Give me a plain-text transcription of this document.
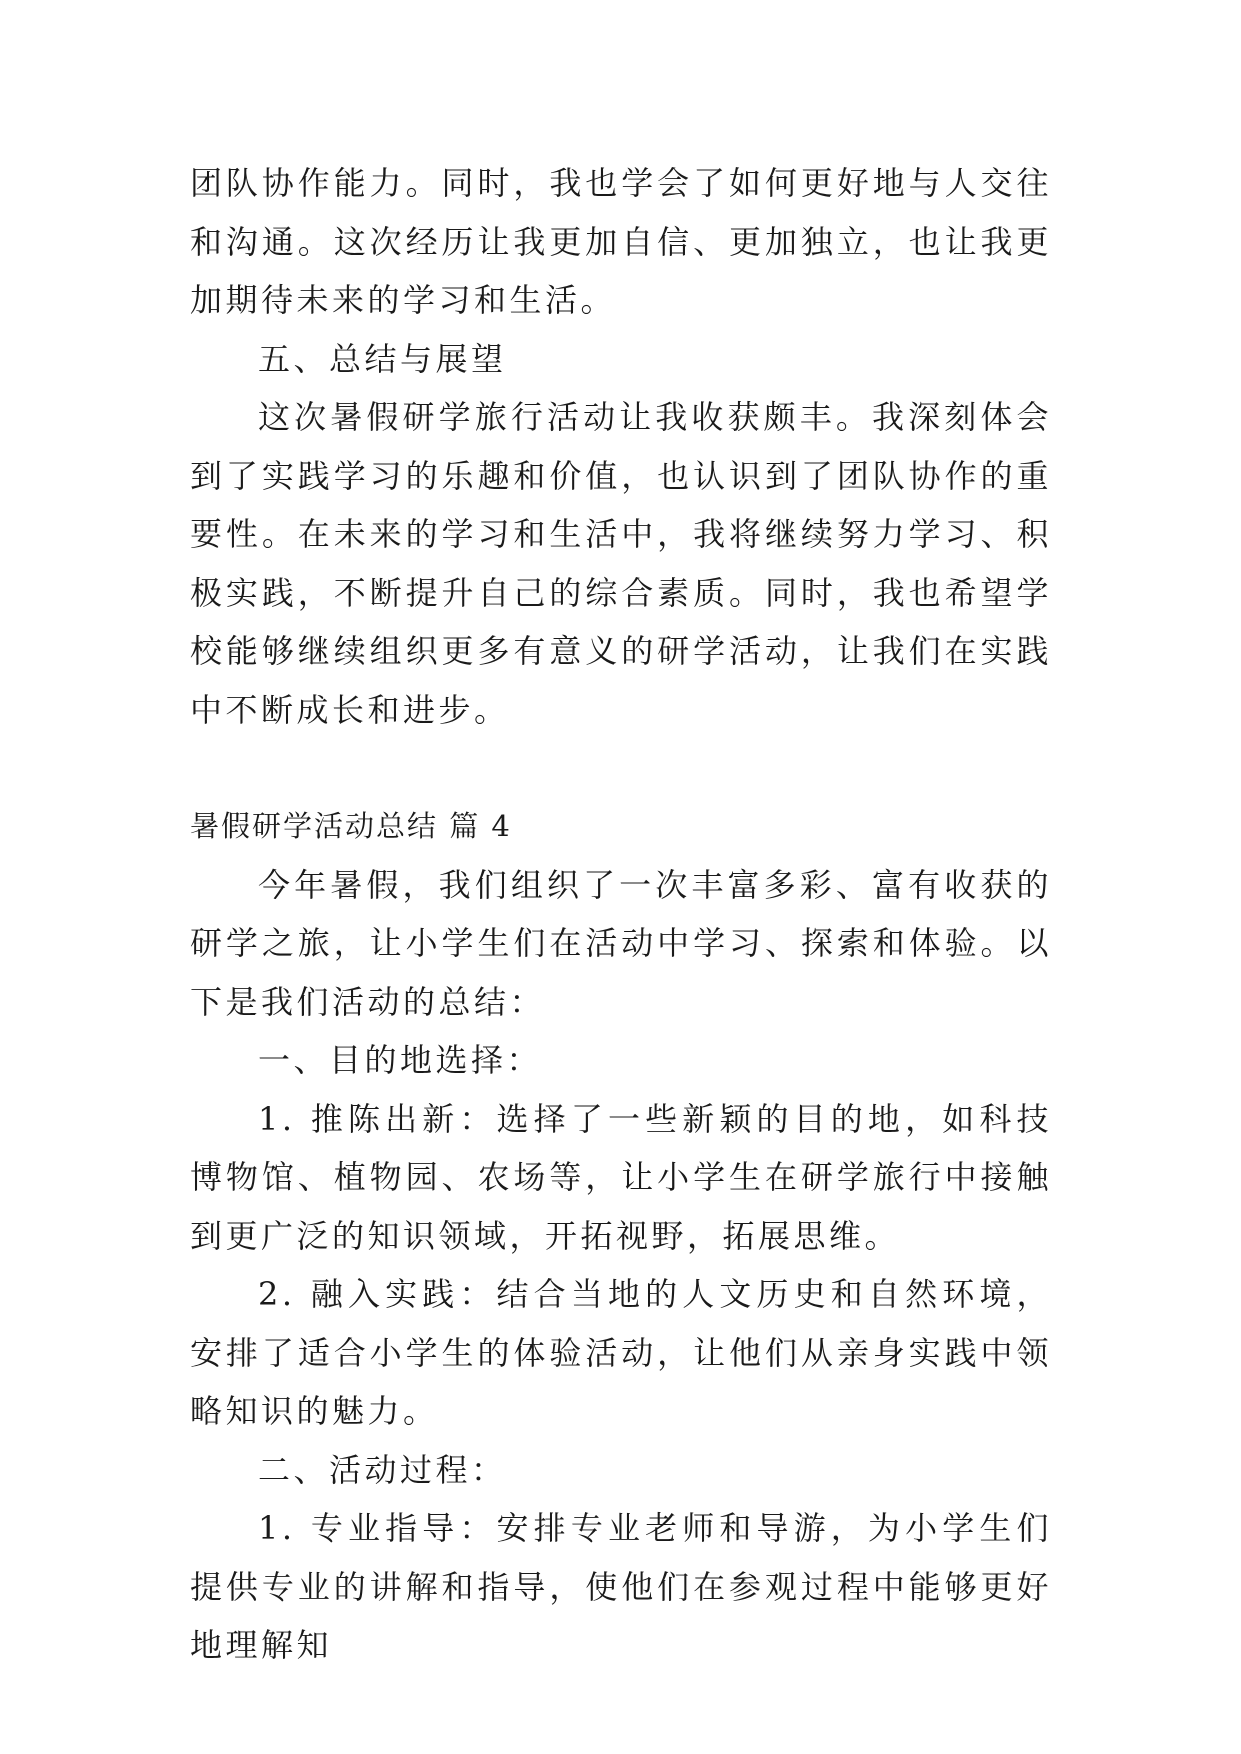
团队协作能力。同时，我也学会了如何更好地与人交往和沟通。这次经历让我更加自信、更加独立，也让我更加期待未来的学习和生活。

五、总结与展望

这次暑假研学旅行活动让我收获颇丰。我深刻体会到了实践学习的乐趣和价值，也认识到了团队协作的重要性。在未来的学习和生活中，我将继续努力学习、积极实践，不断提升自己的综合素质。同时，我也希望学校能够继续组织更多有意义的研学活动，让我们在实践中不断成长和进步。

暑假研学活动总结 篇 4

今年暑假，我们组织了一次丰富多彩、富有收获的研学之旅，让小学生们在活动中学习、探索和体验。以下是我们活动的总结：

一、目的地选择：

1. 推陈出新：选择了一些新颖的目的地，如科技博物馆、植物园、农场等，让小学生在研学旅行中接触到更广泛的知识领域，开拓视野，拓展思维。

2. 融入实践：结合当地的人文历史和自然环境，安排了适合小学生的体验活动，让他们从亲身实践中领略知识的魅力。

二、活动过程：

1. 专业指导：安排专业老师和导游，为小学生们提供专业的讲解和指导，使他们在参观过程中能够更好地理解知
